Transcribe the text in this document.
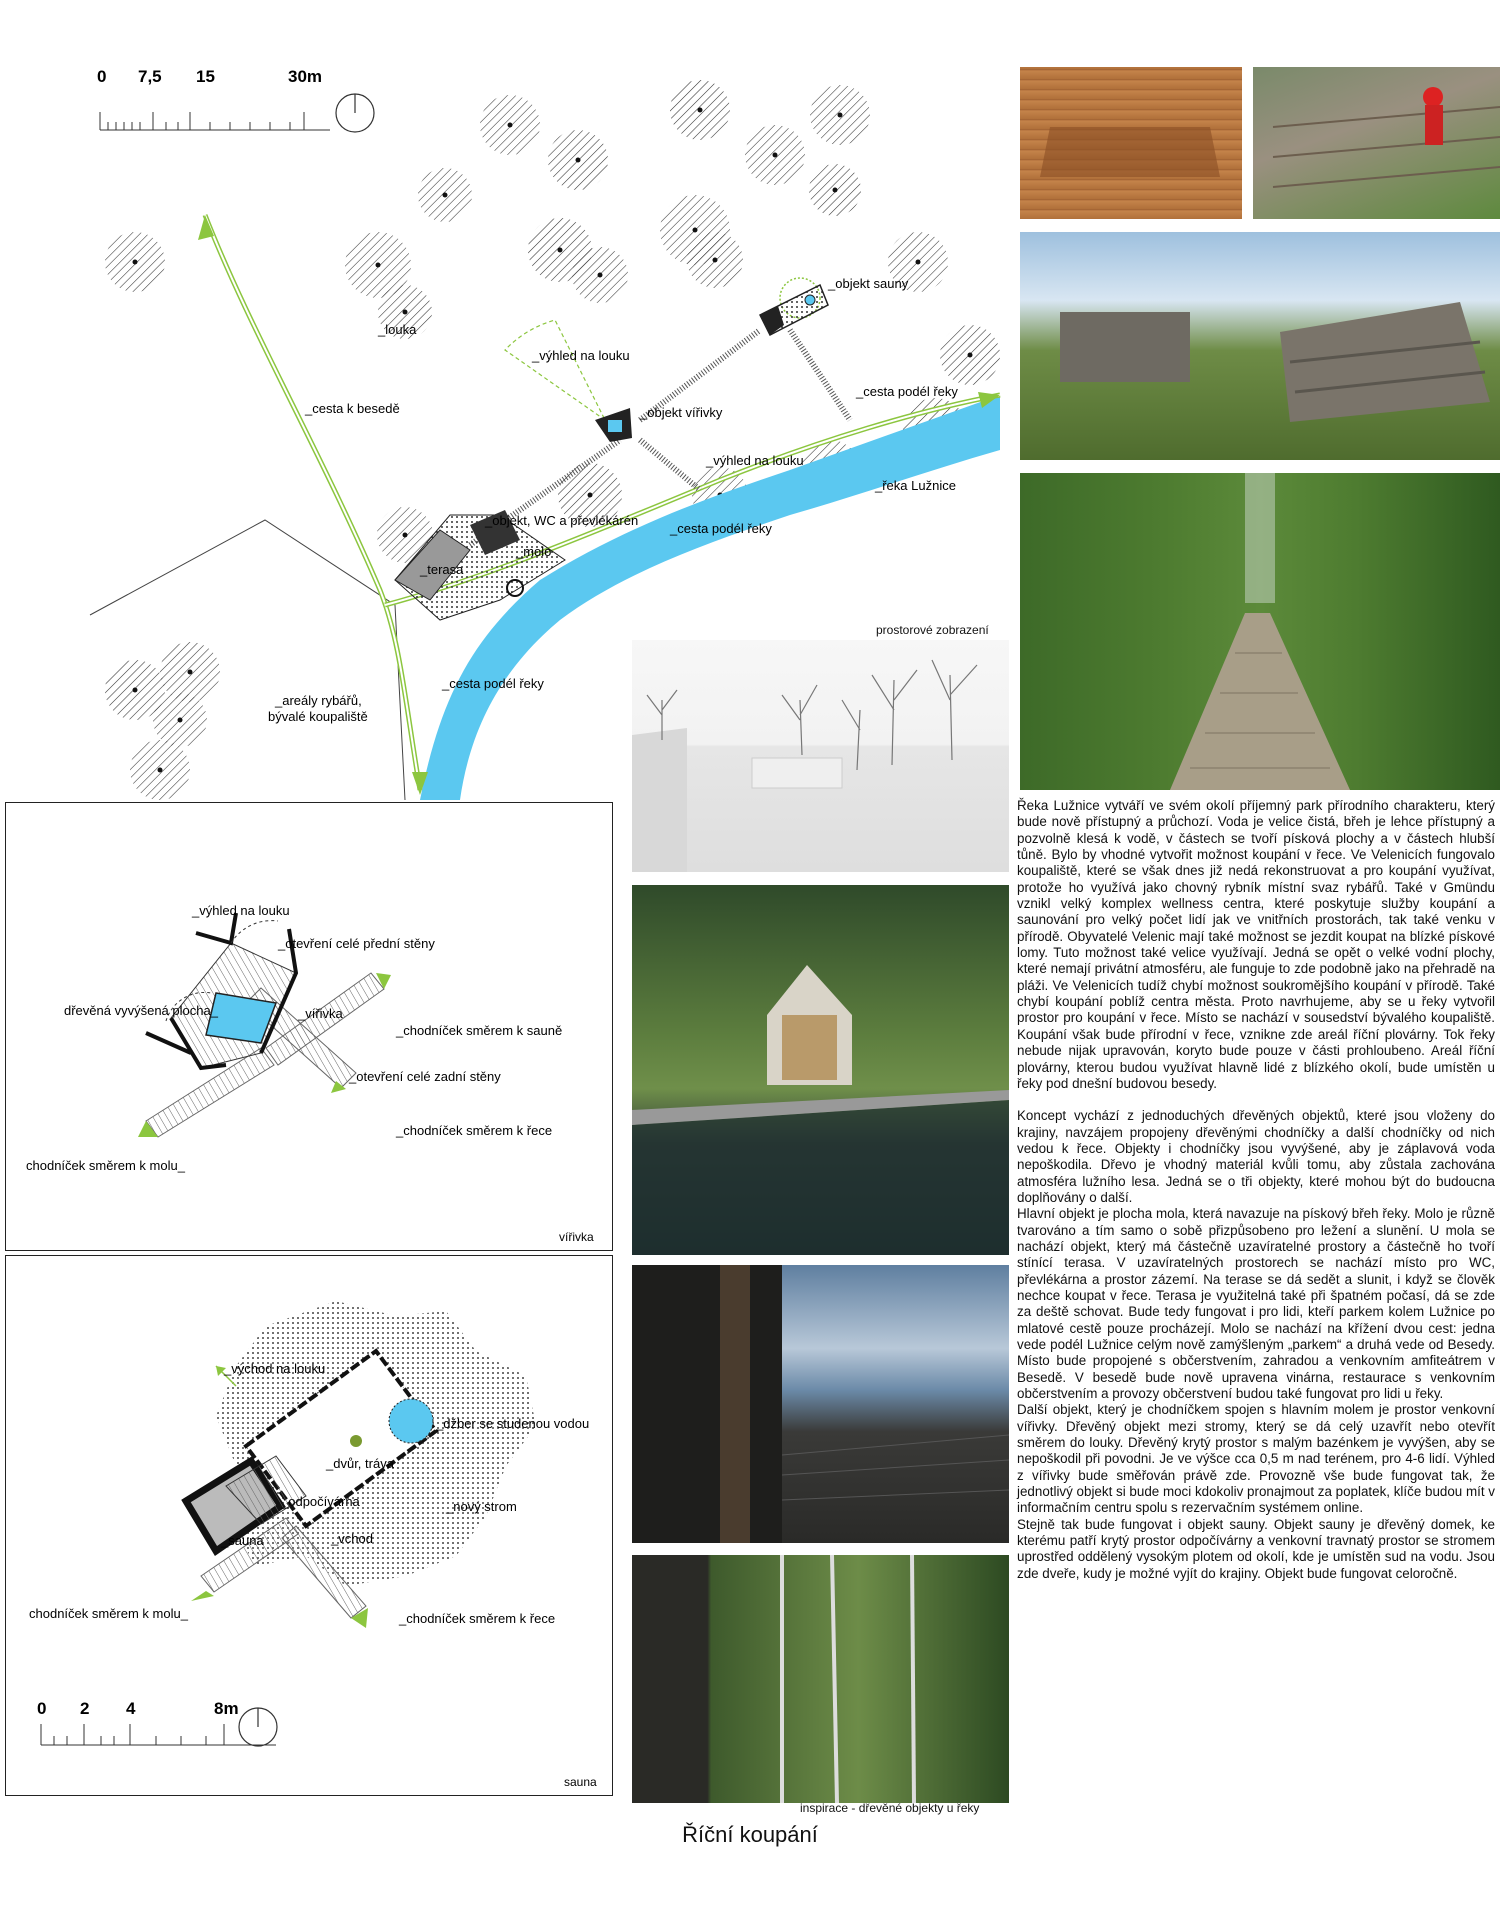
0 7,5 15	30m
_louka
_cesta k besedě
_výhled na louku
_objekt sauny
_objekt vířivky
_cesta podél řeky
_výhled na louku
_řeka Lužnice
_objekt, WC a převlékárén
_cesta podél řeky
_molo
_terasa
_areály rybářů,
bývalé koupaliště
_cesta podél řeky
_výhled na louku
_otevření celé přední stěny
dřevěná vyvýšená plocha_	_vířivka
_chodníček směrem k sauně
_otevření celé zadní stěny
_chodníček směrem k řece
chodníček směrem k molu_
vířivka
_východ na louku
_džber se studenou vodou
_dvůr, tráva
_odpočívárna	_nový strom
_sauna	_vchod
chodníček směrem k molu_	_chodníček směrem k řece
0 2 4	8m
sauna
prostorové zobrazení
inspirace - dřevěné objekty u řeky

Řeka Lužnice vytváří ve svém okolí příjemný park přírodního charakteru, který bude nově přístupný a průchozí. Voda je velice čistá, břeh je lehce přístupný a pozvolně klesá k vodě, v částech se tvoří písková plochy a v částech hlubší tůně. Bylo by vhodné vytvořit možnost koupání v řece. Ve Velenicích fungovalo koupaliště, které se však dnes již nedá rekonstruovat a pro koupání využívat, protože ho využívá jako chovný rybník místní svaz rybářů. Také v Gmündu vznikl velký komplex wellness centra, které poskytuje služby koupání a saunování pro velký počet lidí jak ve vnitřních prostorách, tak také venku v přírodě. Obyvatelé Velenic mají také možnost se jezdit koupat na blízké pískové lomy. Tuto možnost také velice využívají. Jedná se opět o velké vodní plochy, které nemají privátní atmosféru, ale funguje to zde podobně jako na přehradě na pláži. Ve Velenicích tudíž chybí možnost soukromějšího koupání v přírodě. Také chybí koupání poblíž centra města. Proto navrhujeme, aby se u řeky vytvořil prostor pro koupání v řece. Místo se nachází v sousedství bývalého koupaliště. Koupání však bude přírodní v řece, vznikne zde areál říční plovárny. Tok řeky nebude nijak upravován, koryto bude pouze v části prohloubeno. Areál říční plovárny, kterou budou využívat hlavně lidé z blízkého okolí, bude umístěn u řeky pod dnešní budovou besedy.

Koncept vychází z jednoduchých dřevěných objektů, které jsou vloženy do krajiny, navzájem propojeny dřevěnými chodníčky a další chodníčky od nich vedou k řece. Objekty i chodníčky jsou vyvýšené, aby je záplavová voda nepoškodila. Dřevo je vhodný materiál kvůli tomu, aby zůstala zachována atmosféra lužního lesa. Jedná se o tři objekty, které mohou být do budoucna doplňovány o další.

Hlavní objekt je plocha mola, která navazuje na pískový břeh řeky. Molo je různě tvarováno a tím samo o sobě přizpůsobeno pro ležení a slunění. U mola se nachází objekt, který má částečně uzavíratelné prostory a částečně ho tvoří stínící terasa. V uzavíratelných prostorech se nachází místo pro WC, převlékárna a prostor zázemí. Na terase se dá sedět a slunit, i když se člověk nechce koupat v řece. Terasa je využitelná také při špatném počasí, dá se zde za deště schovat. Bude tedy fungovat i pro lidi, kteří parkem kolem Lužnice po mlatové cestě pouze procházejí. Molo se nachází na křížení dvou cest: jedna vede podél Lužnice celým nově zamýšleným „parkem“ a druhá vede od Besedy. Místo bude propojené s občerstvením, zahradou a venkovním amfiteátrem v Besedě. V besedě bude nově upravena vinárna, restaurace s venkovním občerstvením a provozy občerstvení budou také fungovat pro lidi u řeky.

Další objekt, který je chodníčkem spojen s hlavním molem je prostor venkovní vířivky. Dřevěný objekt mezi stromy, který se dá celý uzavřít nebo otevřít směrem do louky. Dřevěný krytý prostor s malým bazénkem je vyvýšen, aby se nepoškodil při povodni. Je ve výšce cca 0,5 m nad terénem, pro 4-6 lidí. Výhled z vířivky bude směřován právě zde. Provozně vše bude fungovat tak, že jednotlivý objekt si bude moci kdokoliv pronajmout za poplatek, klíče budou mít v informačním centru spolu s rezervačním systémem online.

Stejně tak bude fungovat i objekt sauny. Objekt sauny je dřevěný domek, ke kterému patří krytý prostor odpočívárny a venkovní travnatý prostor se stromem uprostřed oddělený vysokým plotem od okolí, kde je umístěn sud na vodu. Jsou zde dveře, kudy je možné vyjít do krajiny. Objekt bude fungovat celoročně.

Říční koupání
